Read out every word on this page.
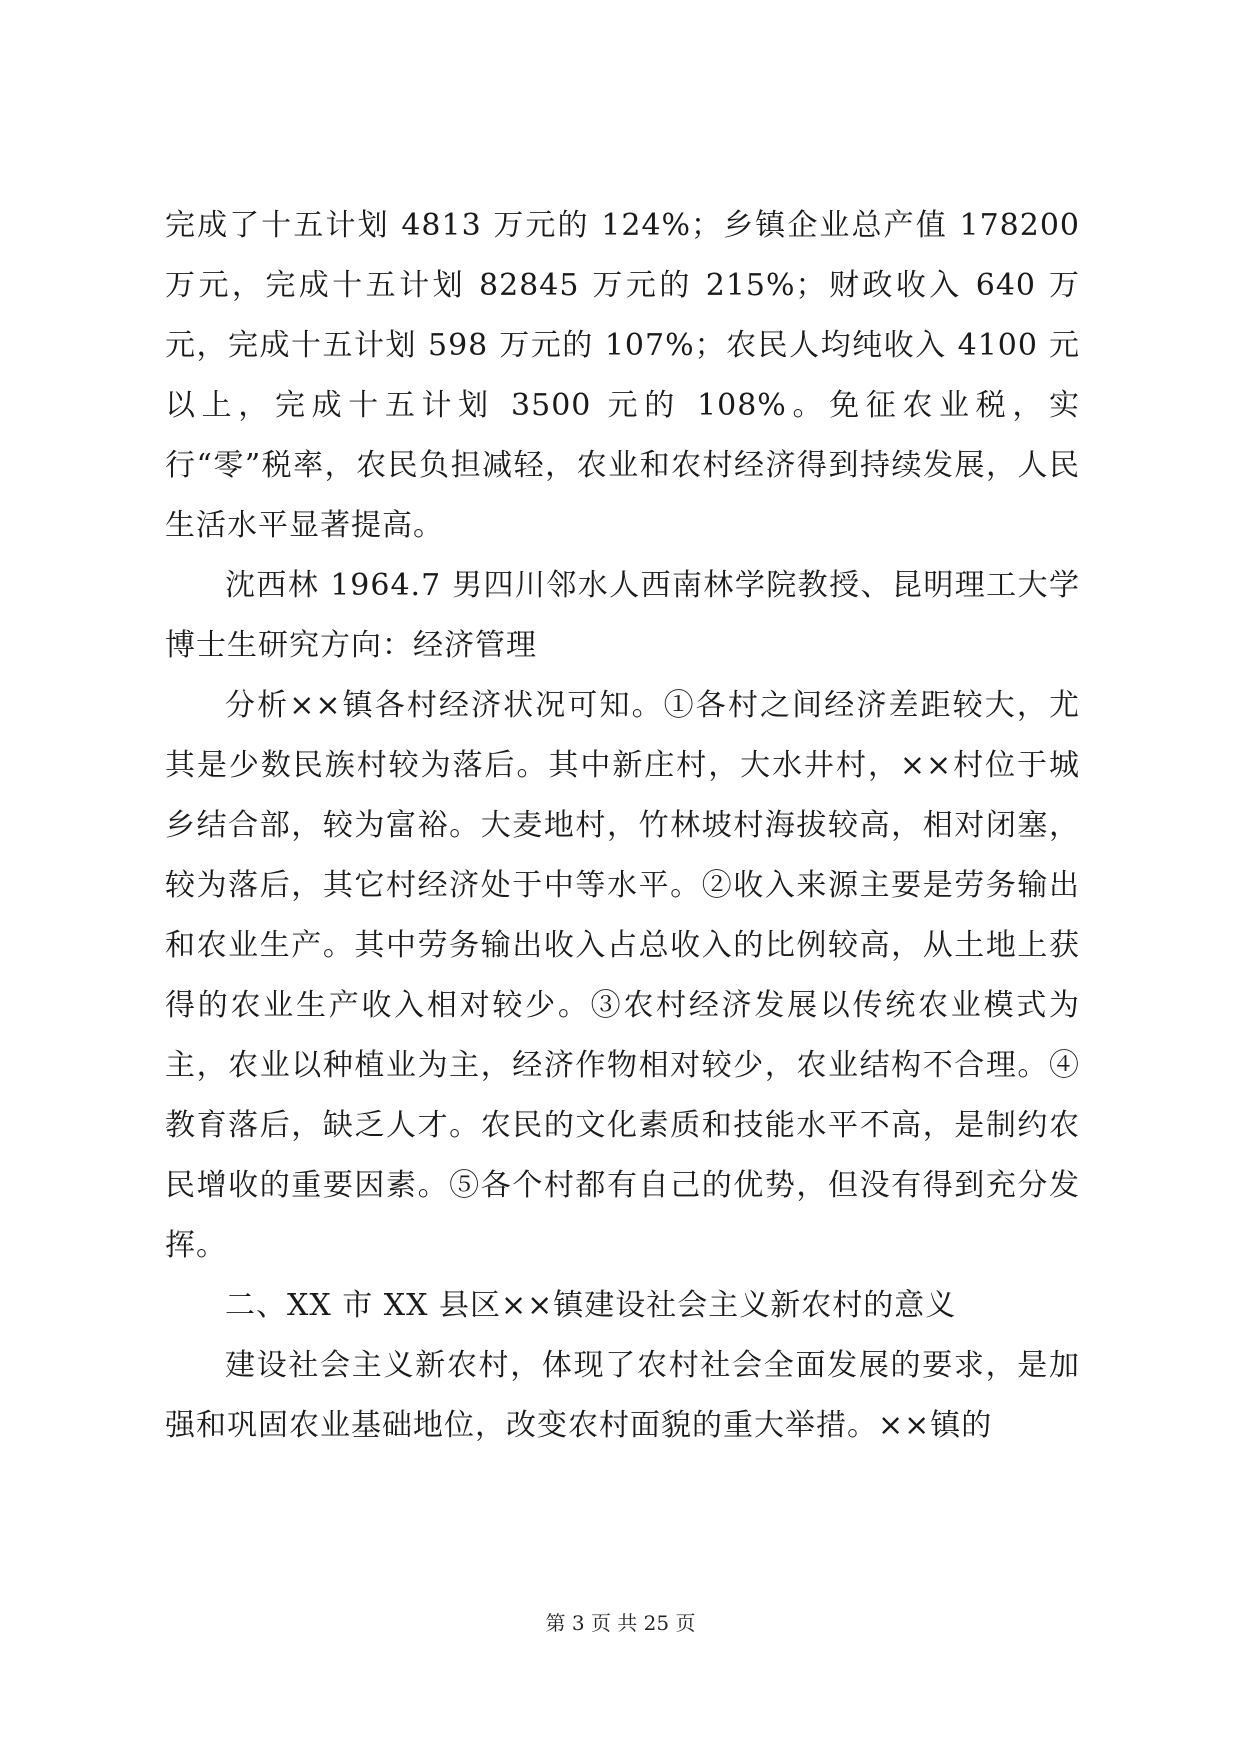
完成了十五计划 4813 万元的 124%；乡镇企业总产值 178200 万元，完成十五计划 82845 万元的 215%；财政收入 640 万元，完成十五计划 598 万元的 107%；农民人均纯收入 4100 元以上，完成十五计划 3500 元的 108%。免征农业税，实行“零”税率，农民负担减轻，农业和农村经济得到持续发展，人民生活水平显著提高。

沈西林 1964.7 男四川邻水人西南林学院教授、昆明理工大学博士生研究方向：经济管理

分析××镇各村经济状况可知。①各村之间经济差距较大，尤其是少数民族村较为落后。其中新庄村，大水井村，××村位于城乡结合部，较为富裕。大麦地村，竹林坡村海拔较高，相对闭塞，较为落后，其它村经济处于中等水平。②收入来源主要是劳务输出和农业生产。其中劳务输出收入占总收入的比例较高，从土地上获得的农业生产收入相对较少。③农村经济发展以传统农业模式为主，农业以种植业为主，经济作物相对较少，农业结构不合理。④教育落后，缺乏人才。农民的文化素质和技能水平不高，是制约农民增收的重要因素。⑤各个村都有自己的优势，但没有得到充分发挥。

二、XX 市 XX 县区××镇建设社会主义新农村的意义

建设社会主义新农村，体现了农村社会全面发展的要求，是加强和巩固农业基础地位，改变农村面貌的重大举措。××镇的

第 3 页 共 25 页
